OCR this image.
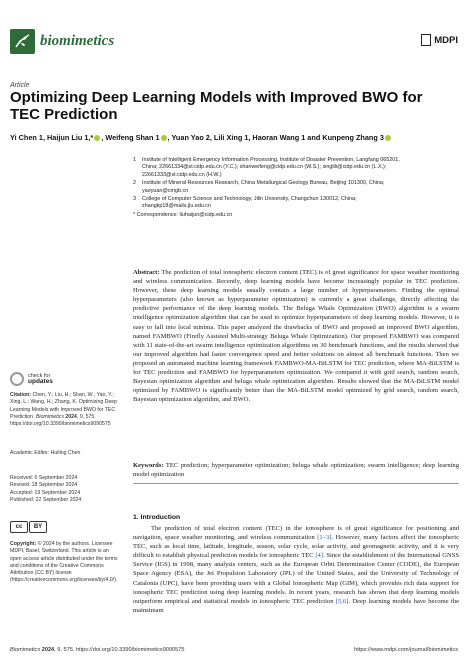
biomimetics	MDPI
Article
Optimizing Deep Learning Models with Improved BWO for TEC Prediction
Yi Chen 1, Haijun Liu 1,* , Weifeng Shan 1 , Yuan Yao 2, Lili Xing 1, Haoran Wang 1 and Kunpeng Zhang 3
1	Institute of Intelligent Emergency Information Processing, Institute of Disaster Prevention, Langfang 065201,
China; 22661334@st.cidp.edu.cn (Y.C.); shanweifeng@cidp.edu.cn (W.S.); xinglili@cidp.edu.cn (L.X.);
22661333@st.cidp.edu.cn (H.W.)
2	Institute of Mineral Resources Research, China Metallurgical Geology Bureau, Beijing 101300, China;
yaoyuan@cmgb.cn
3	College of Computer Science and Technology, Jilin University, Changchun 130012, China;
zhangkp18@mails.jlu.edu.cn
* Correspondence: liuhaijun@cidp.edu.cn
Abstract: The prediction of total ionospheric electron content (TEC) is of great significance for space weather monitoring and wireless communication. Recently, deep learning models have become increasingly popular in TEC prediction. However, these deep learning models usually contain a large number of hyperparameters. Finding the optimal hyperparameters (also known as hyperparameter optimization) is currently a great challenge, directly affecting the predictive performance of the deep learning models. The Beluga Whale Optimization (BWO) algorithm is a swarm intelligence optimization algorithm that can be used to optimize hyperparameters of deep learning models. However, it is easy to fall into local minima. This paper analyzed the drawbacks of BWO and proposed an improved BWO algorithm, named FAMBWO (Firefly Assisted Multi-strategy Beluga Whale Optimization). Our proposed FAMBWO was compared with 11 state-of-the-art swarm intelligence optimization algorithms on 30 benchmark functions, and the results showed that our improved algorithm had faster convergence speed and better solutions on almost all benchmark functions. Then we proposed an automated machine learning framework FAMBWO-MA-BiLSTM for TEC prediction, where MA-BiLSTM is for TEC prediction and FAMBWO for hyperparameters optimization. We compared it with grid search, random search, Bayesian optimization algorithm and beluga whale optimization algorithm. Results showed that the MA-BiLSTM model optimized by FAMBWO is significantly better than the MA-BiLSTM model optimized by grid search, random search, Bayesian optimization algorithm, and BWO.
Keywords: TEC prediction; hyperparameter optimization; beluga whale optimization; swarm intelligence; deep learning model optimization
1. Introduction
The prediction of total electron content (TEC) in the ionosphere is of great significance for positioning and navigation, space weather monitoring, and wireless communication [1–3]. However, many factors affect the ionospheric TEC, such as local time, latitude, longitude, season, solar cycle, solar activity, and geomagnetic activity, and it is very difficult to establish physical prediction models for ionospheric TEC [4]. Since the establishment of the International GNSS Service (IGS) in 1998, many analysis centers, such as the European Orbit Determination Center (CODE), the European Space Agency (ESA), the Jet Propulsion Laboratory (JPL) of the United States, and the University of Technology of Catalonia (UPC), have been providing users with a Global Ionospheric Map (GIM), which provides rich data support for ionospheric TEC prediction using deep learning models. In recent years, research has shown that deep learning models outperform empirical and statistical models in ionospheric TEC prediction [5,6]. Deep learning models have become the mainstream
check for
updates
Citation: Chen, Y.; Liu, H.; Shan, W.; Yao, Y.; Xing, L.; Wang, H.; Zhang, K. Optimizing Deep Learning Models with Improved BWO for TEC Prediction. Biomimetics 2024, 9, 575. https://doi.org/10.3390/biomimetics9090575
Academic Editor: Huiling Chen
Received: 6 September 2024
Revised: 18 September 2024
Accepted: 19 September 2024
Published: 22 September 2024
cc	BY
Copyright: © 2024 by the authors. Licensee MDPI, Basel, Switzerland. This article is an open access article distributed under the terms and conditions of the Creative Commons Attribution (CC BY) license (https://creativecommons.org/licenses/by/4.0/).
Biomimetics 2024, 9, 575. https://doi.org/10.3390/biomimetics9090575	https://www.mdpi.com/journal/biomimetics
